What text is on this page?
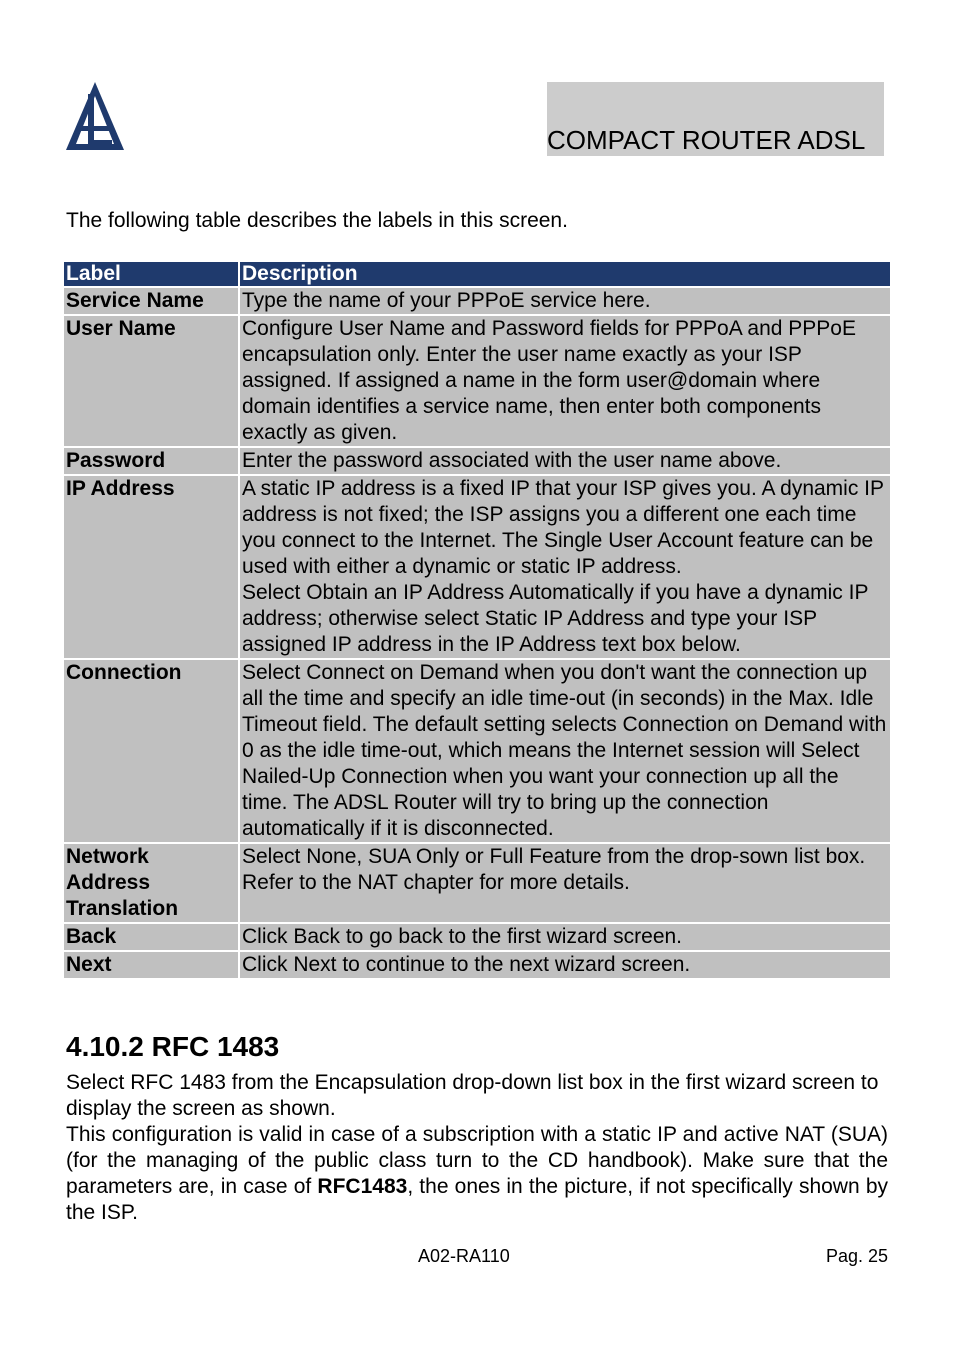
COMPACT ROUTER ADSL
The following table describes the labels in this screen.
Label	Description
Service Name	Type the name of your PPPoE service here.

User Name	Configure User Name and Password fields for PPPoA and PPPoE encapsulation only. Enter the user name exactly as your ISP assigned. If assigned a name in the form user@domain where domain identifies a service name, then enter both components exactly as given.

Password	Enter the password associated with the user name above.

IP Address	A static IP address is a fixed IP that your ISP gives you. A dynamic IP address is not fixed; the ISP assigns you a different one each time you connect to the Internet. The Single User Account feature can be used with either a dynamic or static IP address.
Select Obtain an IP Address Automatically if you have a dynamic IP address; otherwise select Static IP Address and type your ISP assigned IP address in the IP Address text box below.

Connection	Select Connect on Demand when you don't want the connection up all the time and specify an idle time-out (in seconds) in the Max. Idle Timeout field. The default setting selects Connection on Demand with 0 as the idle time-out, which means the Internet session will Select Nailed-Up Connection when you want your connection up all the time. The ADSL Router will try to bring up the connection automatically if it is disconnected.

Network Address Translation	Select None, SUA Only or Full Feature from the drop-sown list box. Refer to the NAT chapter for more details.

Back	Click Back to go back to the first wizard screen.

Next	Click Next to continue to the next wizard screen.
4.10.2 RFC 1483

Select RFC 1483 from the Encapsulation drop-down list box in the first wizard screen to display the screen as shown.

This configuration is valid in case of a subscription with a static IP and active NAT (SUA) (for the managing of the public class turn to the CD handbook). Make sure that the parameters are, in case of RFC1483, the ones in the picture, if not specifically shown by the ISP.

A02-RA110	Pag. 25
